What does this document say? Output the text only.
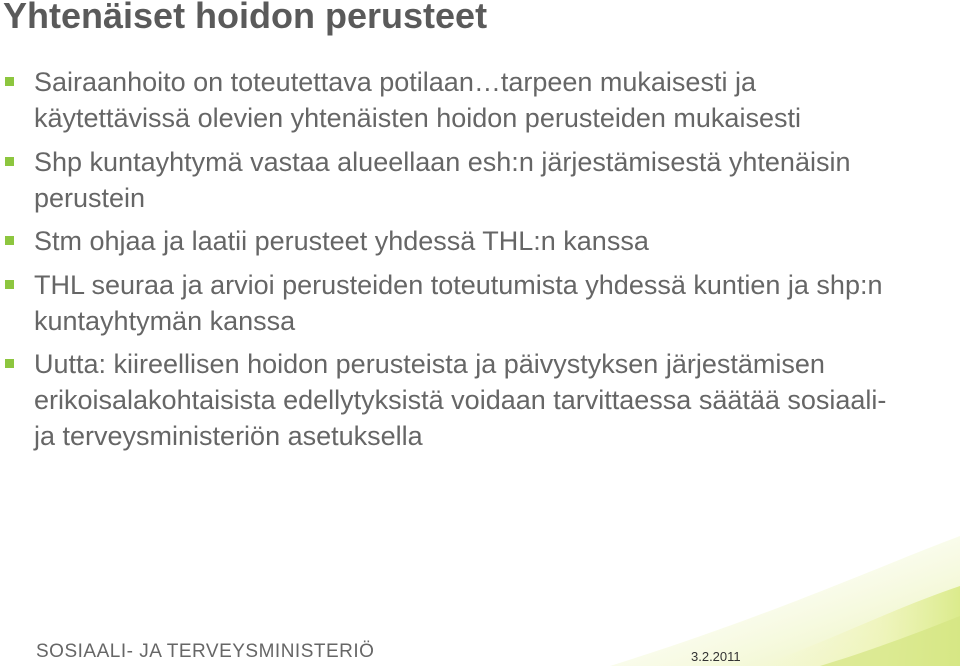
Yhtenäiset hoidon perusteet
Sairaanhoito on toteutettava potilaan…tarpeen mukaisesti ja käytettävissä olevien yhtenäisten hoidon perusteiden mukaisesti
Shp kuntayhtymä vastaa alueellaan esh:n järjestämisestä yhtenäisin perustein
Stm ohjaa ja laatii perusteet yhdessä THL:n kanssa
THL seuraa ja arvioi perusteiden toteutumista yhdessä kuntien ja shp:n kuntayhtymän kanssa
Uutta: kiireellisen hoidon perusteista ja päivystyksen järjestämisen erikoisalakohtaisista edellytyksistä voidaan tarvittaessa säätää sosiaali- ja terveysministeriön asetuksella
SOSIAALI- JA TERVEYSMINISTERIÖ	3.2.2011
